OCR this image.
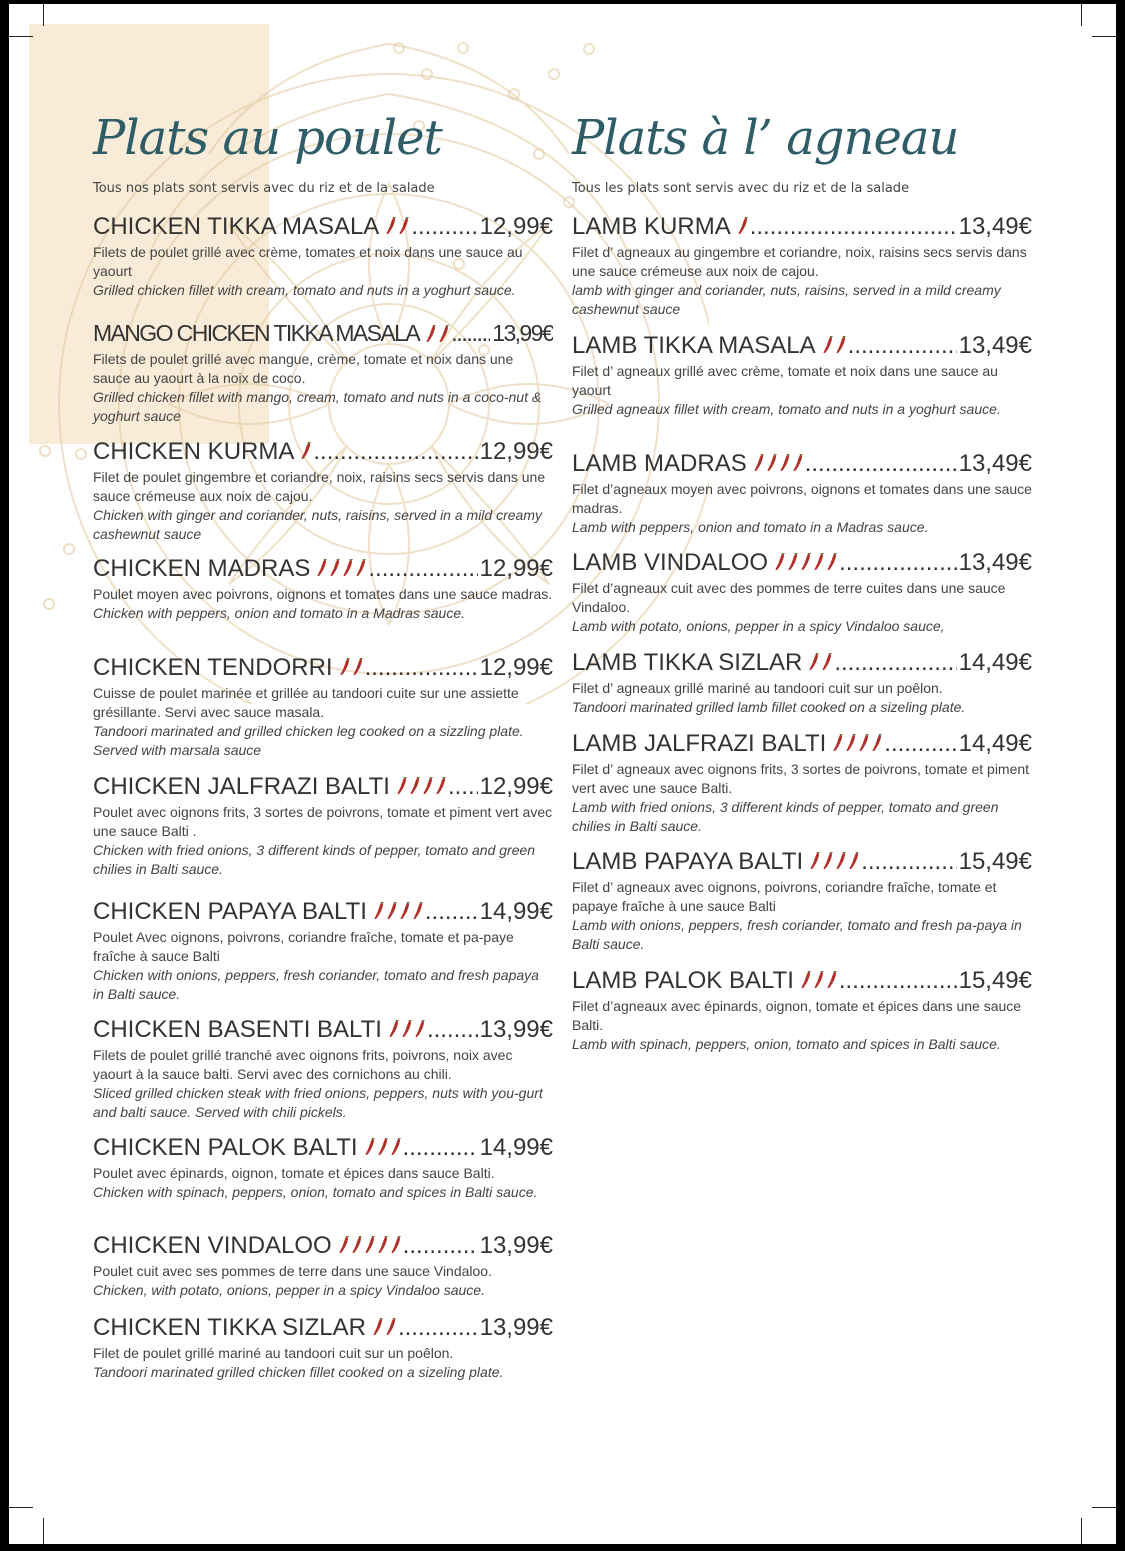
Plats au poulet
Tous nos plats sont servis avec du riz et de la salade
CHICKEN TIKKA MASALA .....	12,99€
Filets de poulet grillé avec crème, tomates et noix dans une sauce au yaourt
Grilled chicken fillet with cream, tomato and nuts in a yoghurt sauce.
MANGO CHICKEN TIKKA MASALA .....	13,99€
Filets de poulet grillé avec mangue, crème, tomate et noix dans une sauce au yaourt à la noix de coco.
Grilled chicken fillet with mango, cream, tomato and nuts in a coco-nut & yoghurt sauce
CHICKEN KURMA .....	12,99€
Filet de poulet gingembre et coriandre, noix, raisins secs servis dans une sauce crémeuse aux noix de cajou.
Chicken with ginger and coriander, nuts, raisins, served in a mild creamy cashewnut sauce
CHICKEN MADRAS .....	12,99€
Poulet moyen avec poivrons, oignons et tomates dans une sauce madras.
Chicken with peppers, onion and tomato in a Madras sauce.
CHICKEN TENDORRI .....	12,99€
Cuisse de poulet marinée et grillée au tandoori cuite sur une assiette grésillante. Servi avec sauce masala.
Tandoori marinated and grilled chicken leg cooked on a sizzling plate. Served with marsala sauce
CHICKEN JALFRAZI BALTI .....	12,99€
Poulet avec oignons frits, 3 sortes de poivrons, tomate et piment vert avec une sauce Balti .
Chicken with fried onions, 3 different kinds of pepper, tomato and green chilies in Balti sauce.
CHICKEN PAPAYA BALTI .....	14,99€
Poulet Avec oignons, poivrons, coriandre fraîche, tomate et pa-paye fraîche à sauce Balti
Chicken with onions, peppers, fresh coriander, tomato and fresh papaya in Balti sauce.
CHICKEN BASENTI BALTI .....	13,99€
Filets de poulet grillé tranché avec oignons frits, poivrons, noix avec yaourt à la sauce balti. Servi avec des cornichons au chili.
Sliced grilled chicken steak with fried onions, peppers, nuts with you-gurt and balti sauce. Served with chili pickels.
CHICKEN PALOK BALTI .....	14,99€
Poulet avec épinards, oignon, tomate et épices dans sauce Balti.
Chicken with spinach, peppers, onion, tomato and spices in Balti sauce.
CHICKEN VINDALOO .....	13,99€
Poulet cuit avec ses pommes de terre dans une sauce Vindaloo.
Chicken, with potato, onions, pepper in a spicy Vindaloo sauce.
CHICKEN TIKKA SIZLAR .....	13,99€
Filet de poulet grillé mariné au tandoori cuit sur un poêlon.
Tandoori marinated grilled chicken fillet cooked on a sizeling plate.
Plats à l’ agneau
Tous les plats sont servis avec du riz et de la salade
LAMB KURMA .....	13,49€
Filet d’ agneaux au gingembre et coriandre, noix, raisins secs servis dans une sauce crémeuse aux noix de cajou.
lamb with ginger and coriander, nuts, raisins, served in a mild creamy cashewnut sauce
LAMB TIKKA MASALA .....	13,49€
Filet d’ agneaux grillé avec crème, tomate et noix dans une sauce au yaourt
Grilled agneaux fillet with cream, tomato and nuts in a yoghurt sauce.
LAMB MADRAS .....	13,49€
Filet d’agneaux moyen avec poivrons, oignons et tomates dans une sauce madras.
Lamb with peppers, onion and tomato in a Madras sauce.
LAMB VINDALOO .....	13,49€
Filet d’agneaux cuit avec des pommes de terre cuites dans une sauce Vindaloo.
Lamb with potato, onions, pepper in a spicy Vindaloo sauce,
LAMB TIKKA SIZLAR .....	14,49€
Filet d’ agneaux grillé mariné au tandoori cuit sur un poêlon.
Tandoori marinated grilled lamb fillet cooked on a sizeling plate.
LAMB JALFRAZI BALTI .....	14,49€
Filet d’ agneaux avec oignons frits, 3 sortes de poivrons, tomate et piment vert avec une sauce Balti.
Lamb with fried onions, 3 different kinds of pepper, tomato and green chilies in Balti sauce.
LAMB PAPAYA BALTI .....	15,49€
Filet d’ agneaux avec oignons, poivrons, coriandre fraîche, tomate et papaye fraîche à une sauce Balti
Lamb with onions, peppers, fresh coriander, tomato and fresh pa-paya in Balti sauce.
LAMB PALOK BALTI .....	15,49€
Filet d’agneaux avec épinards, oignon, tomate et épices dans une sauce Balti.
Lamb with spinach, peppers, onion, tomato and spices in Balti sauce.
